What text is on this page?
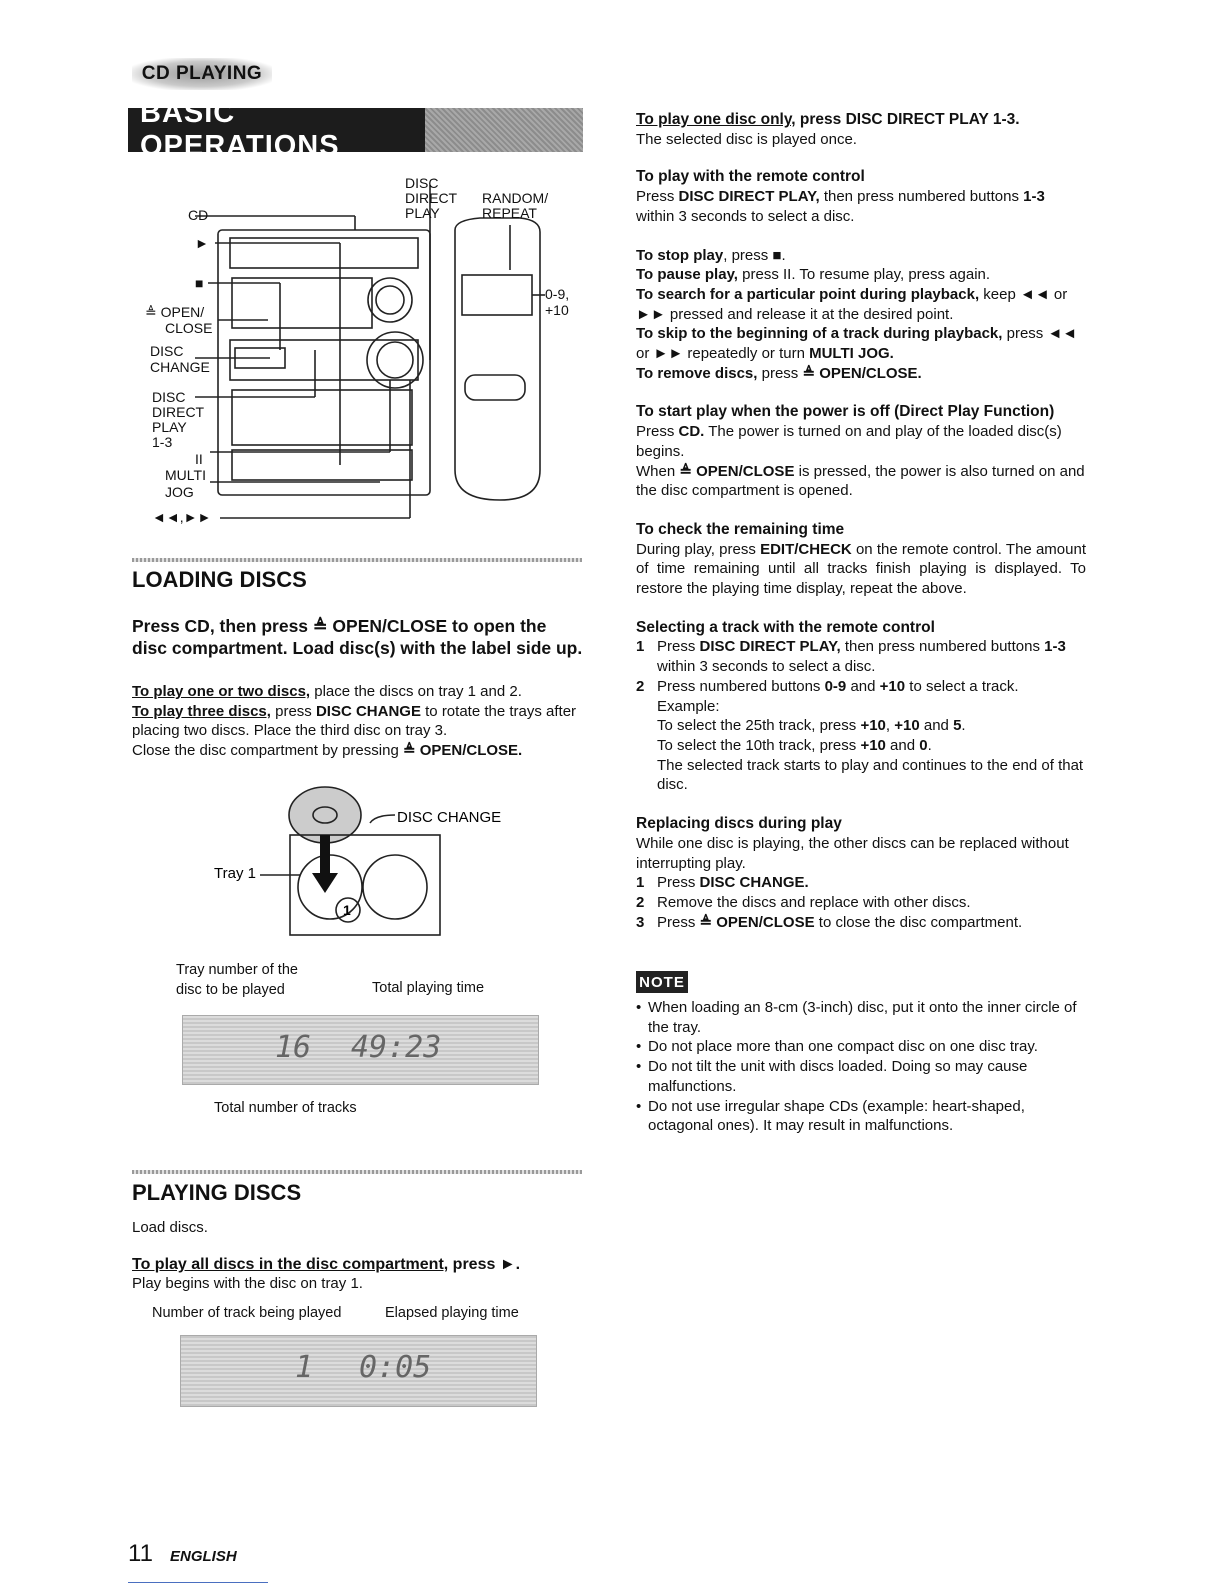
CD PLAYING
BASIC OPERATIONS
DISC
DIRECT
PLAY
RANDOM/
REPEAT
CD
►
■
≜ OPEN/
CLOSE
DISC
CHANGE
DISC
DIRECT
PLAY
1-3
II
MULTI
JOG
◄◄,►►
0-9,
+10
LOADING DISCS

Press CD, then press ≜ OPEN/CLOSE to open the disc compartment. Load disc(s) with the label side up.

To play one or two discs, place the discs on tray 1 and 2.

To play three discs, press DISC CHANGE to rotate the trays after placing two discs. Place the third disc on tray 3.

Close the disc compartment by pressing ≜ OPEN/CLOSE.

DISC CHANGE
Tray 1
1
Tray number of the
disc to be played	Total playing time
16 49:23
Total number of tracks
PLAYING DISCS

Load discs.

To play all discs in the disc compartment, press ►.

Play begins with the disc on tray 1.

Number of track being played	Elapsed playing time
1 0:05

To play one disc only, press DISC DIRECT PLAY 1-3.

The selected disc is played once.

To play with the remote control

Press DISC DIRECT PLAY, then press numbered buttons 1-3 within 3 seconds to select a disc.

To stop play, press ■.

To pause play, press II. To resume play, press again.

To search for a particular point during playback, keep ◄◄ or ►► pressed and release it at the desired point.

To skip to the beginning of a track during playback, press ◄◄ or ►► repeatedly or turn MULTI JOG.

To remove discs, press ≜ OPEN/CLOSE.

To start play when the power is off (Direct Play Function)

Press CD. The power is turned on and play of the loaded disc(s) begins.

When ≜ OPEN/CLOSE is pressed, the power is also turned on and the disc compartment is opened.

To check the remaining time

During play, press EDIT/CHECK on the remote control. The amount of time remaining until all tracks finish playing is displayed. To restore the playing time display, repeat the above.

Selecting a track with the remote control

1 Press DISC DIRECT PLAY, then press numbered buttons 1-3 within 3 seconds to select a disc.
2 Press numbered buttons 0-9 and +10 to select a track.
Example:
To select the 25th track, press +10, +10 and 5.
To select the 10th track, press +10 and 0.
The selected track starts to play and continues to the end of that disc.

Replacing discs during play

While one disc is playing, the other discs can be replaced without interrupting play.

1 Press DISC CHANGE.
2 Remove the discs and replace with other discs.
3 Press ≜ OPEN/CLOSE to close the disc compartment.
NOTE
• When loading an 8-cm (3-inch) disc, put it onto the inner circle of the tray.
• Do not place more than one compact disc on one disc tray.
• Do not tilt the unit with discs loaded. Doing so may cause malfunctions.
• Do not use irregular shape CDs (example: heart-shaped, octagonal ones). It may result in malfunctions.
11 ENGLISH
